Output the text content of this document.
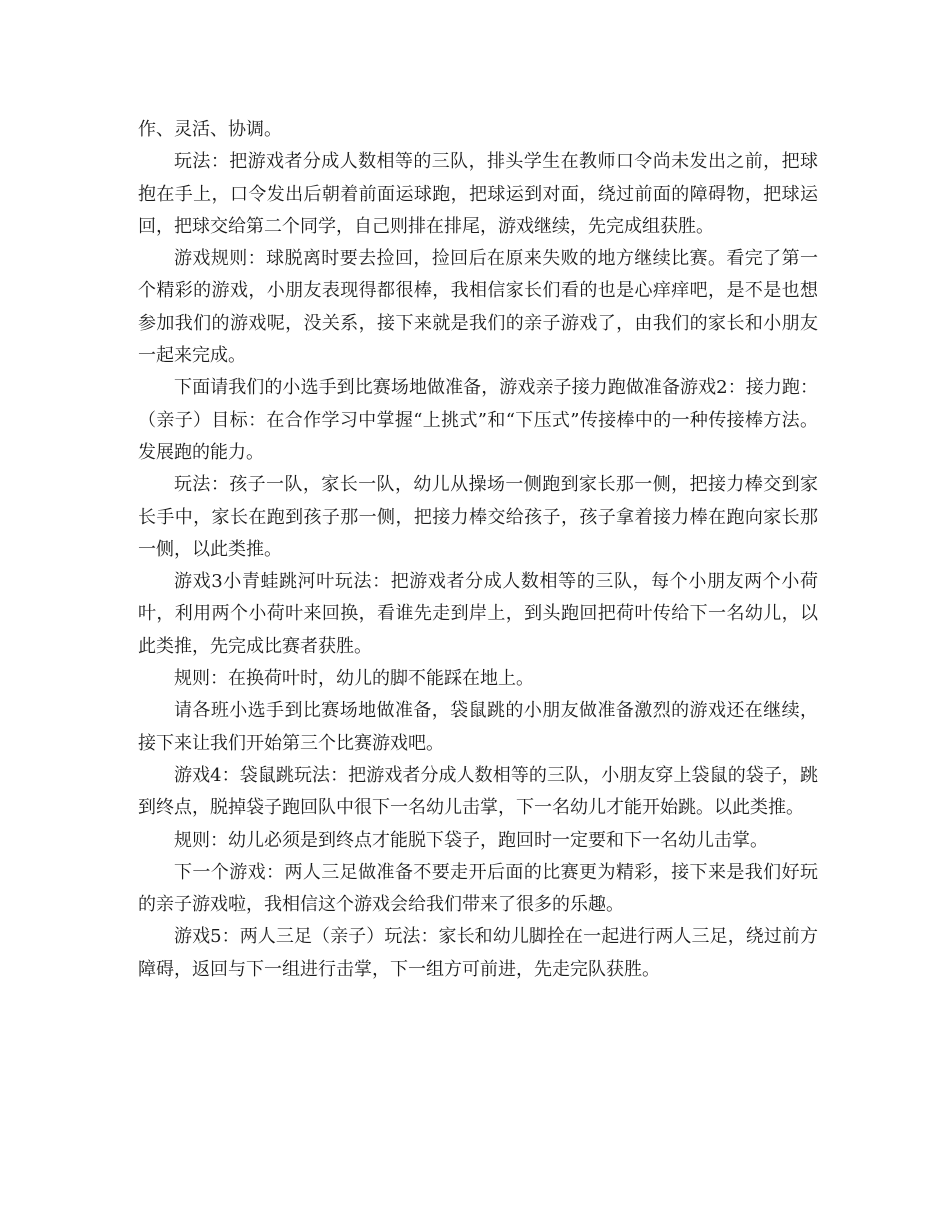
作、灵活、协调。

玩法：把游戏者分成人数相等的三队，排头学生在教师口令尚未发出之前，把球抱在手上，口令发出后朝着前面运球跑，把球运到对面，绕过前面的障碍物，把球运回，把球交给第二个同学，自己则排在排尾，游戏继续，先完成组获胜。

游戏规则：球脱离时要去捡回，捡回后在原来失败的地方继续比赛。看完了第一个精彩的游戏，小朋友表现得都很棒，我相信家长们看的也是心痒痒吧，是不是也想参加我们的游戏呢，没关系，接下来就是我们的亲子游戏了，由我们的家长和小朋友一起来完成。

下面请我们的小选手到比赛场地做准备，游戏亲子接力跑做准备游戏2：接力跑：（亲子）目标：在合作学习中掌握“上挑式”和“下压式”传接棒中的一种传接棒方法。发展跑的能力。

玩法：孩子一队，家长一队，幼儿从操场一侧跑到家长那一侧，把接力棒交到家长手中，家长在跑到孩子那一侧，把接力棒交给孩子，孩子拿着接力棒在跑向家长那一侧，以此类推。

游戏3小青蛙跳河叶玩法：把游戏者分成人数相等的三队，每个小朋友两个小荷叶，利用两个小荷叶来回换，看谁先走到岸上，到头跑回把荷叶传给下一名幼儿，以此类推，先完成比赛者获胜。

规则：在换荷叶时，幼儿的脚不能踩在地上。

请各班小选手到比赛场地做准备，袋鼠跳的小朋友做准备激烈的游戏还在继续，接下来让我们开始第三个比赛游戏吧。

游戏4：袋鼠跳玩法：把游戏者分成人数相等的三队，小朋友穿上袋鼠的袋子，跳到终点，脱掉袋子跑回队中很下一名幼儿击掌，下一名幼儿才能开始跳。以此类推。

规则：幼儿必须是到终点才能脱下袋子，跑回时一定要和下一名幼儿击掌。

下一个游戏：两人三足做准备不要走开后面的比赛更为精彩，接下来是我们好玩的亲子游戏啦，我相信这个游戏会给我们带来了很多的乐趣。

游戏5：两人三足（亲子）玩法：家长和幼儿脚拴在一起进行两人三足，绕过前方障碍，返回与下一组进行击掌，下一组方可前进，先走完队获胜。
